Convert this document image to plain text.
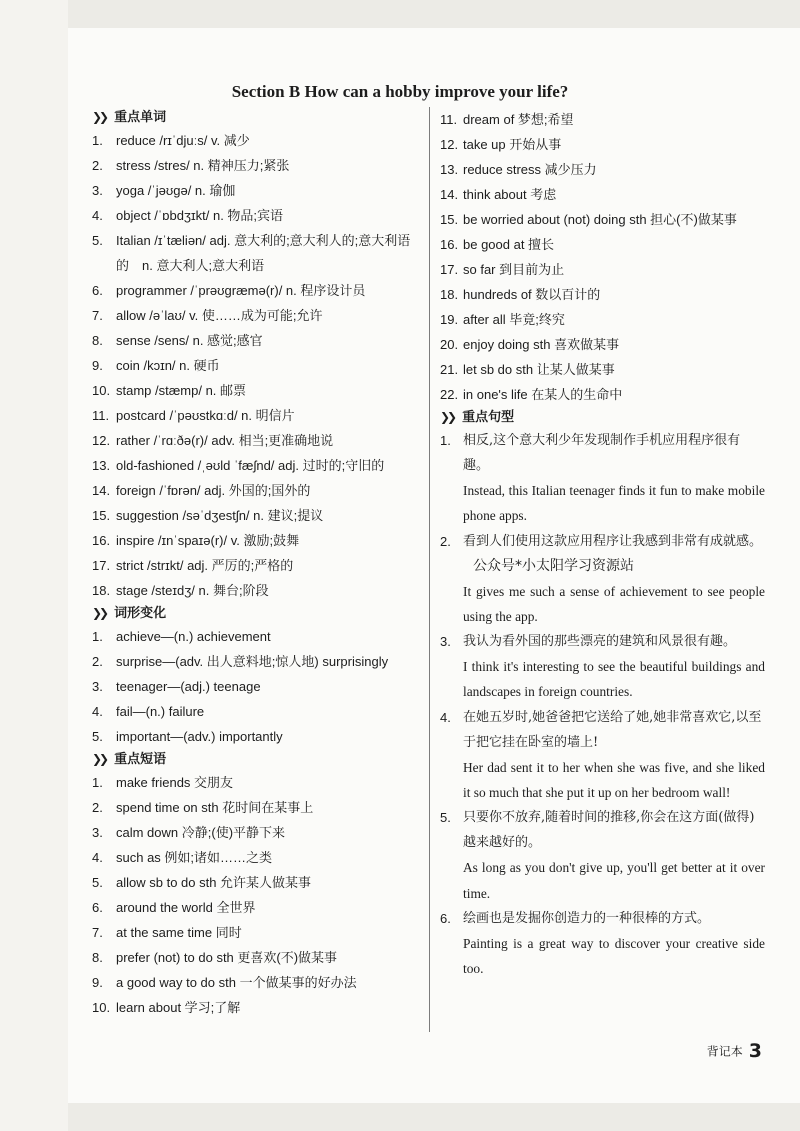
Section B How can a hobby improve your life?
❯❯ 重点单词
1.	reduce /rɪˈdjuːs/ v. 减少
2.	stress /stres/ n. 精神压力;紧张
3.	yoga /ˈjəʊɡə/ n. 瑜伽
4.	object /ˈɒbdʒɪkt/ n. 物品;宾语
5.	Italian /ɪˈtæliən/ adj. 意大利的;意大利人的;意大利语的　n. 意大利人;意大利语
6.	programmer /ˈprəʊɡræmə(r)/ n. 程序设计员
7.	allow /əˈlaʊ/ v. 使……成为可能;允许
8.	sense /sens/ n. 感觉;感官
9.	coin /kɔɪn/ n. 硬币
10. stamp /stæmp/ n. 邮票
11. postcard /ˈpəʊstkɑːd/ n. 明信片
12. rather /ˈrɑːðə(r)/ adv. 相当;更准确地说
13. old-fashioned /ˌəʊld ˈfæʃnd/ adj. 过时的;守旧的
14. foreign /ˈfɒrən/ adj. 外国的;国外的
15. suggestion /səˈdʒestʃn/ n. 建议;提议
16. inspire /ɪnˈspaɪə(r)/ v. 激励;鼓舞
17. strict /strɪkt/ adj. 严厉的;严格的
18. stage /steɪdʒ/ n. 舞台;阶段
❯❯ 词形变化
1.	achieve—(n.) achievement
2.	surprise—(adv. 出人意料地;惊人地) surprisingly
3.	teenager—(adj.) teenage
4.	fail—(n.) failure
5.	important—(adv.) importantly
❯❯ 重点短语
1.	make friends 交朋友
2.	spend time on sth 花时间在某事上
3.	calm down 冷静;(使)平静下来
4.	such as 例如;诸如……之类
5.	allow sb to do sth 允许某人做某事
6.	around the world 全世界
7.	at the same time 同时
8.	prefer (not) to do sth 更喜欢(不)做某事
9.	a good way to do sth 一个做某事的好办法
10. learn about 学习;了解
11. dream of 梦想;希望
12. take up 开始从事
13. reduce stress 减少压力
14. think about 考虑
15. be worried about (not) doing sth 担心(不)做某事
16. be good at 擅长
17. so far 到目前为止
18. hundreds of 数以百计的
19. after all 毕竟;终究
20. enjoy doing sth 喜欢做某事
21. let sb do sth 让某人做某事
22. in one's life 在某人的生命中
❯❯ 重点句型
1. 相反,这个意大利少年发现制作手机应用程序很有趣。
Instead, this Italian teenager finds it fun to make mobile phone apps.
2. 看到人们使用这款应用程序让我感到非常有成就感。公众号*小太阳学习资源站
It gives me such a sense of achievement to see people using the app.
3. 我认为看外国的那些漂亮的建筑和风景很有趣。
I think it's interesting to see the beautiful buildings and landscapes in foreign countries.
4. 在她五岁时,她爸爸把它送给了她,她非常喜欢它,以至于把它挂在卧室的墙上!
Her dad sent it to her when she was five, and she liked it so much that she put it up on her bedroom wall!
5. 只要你不放弃,随着时间的推移,你会在这方面(做得)越来越好的。
As long as you don't give up, you'll get better at it over time.
6. 绘画也是发掘你创造力的一种很棒的方式。
Painting is a great way to discover your creative side too.
背记本 3
